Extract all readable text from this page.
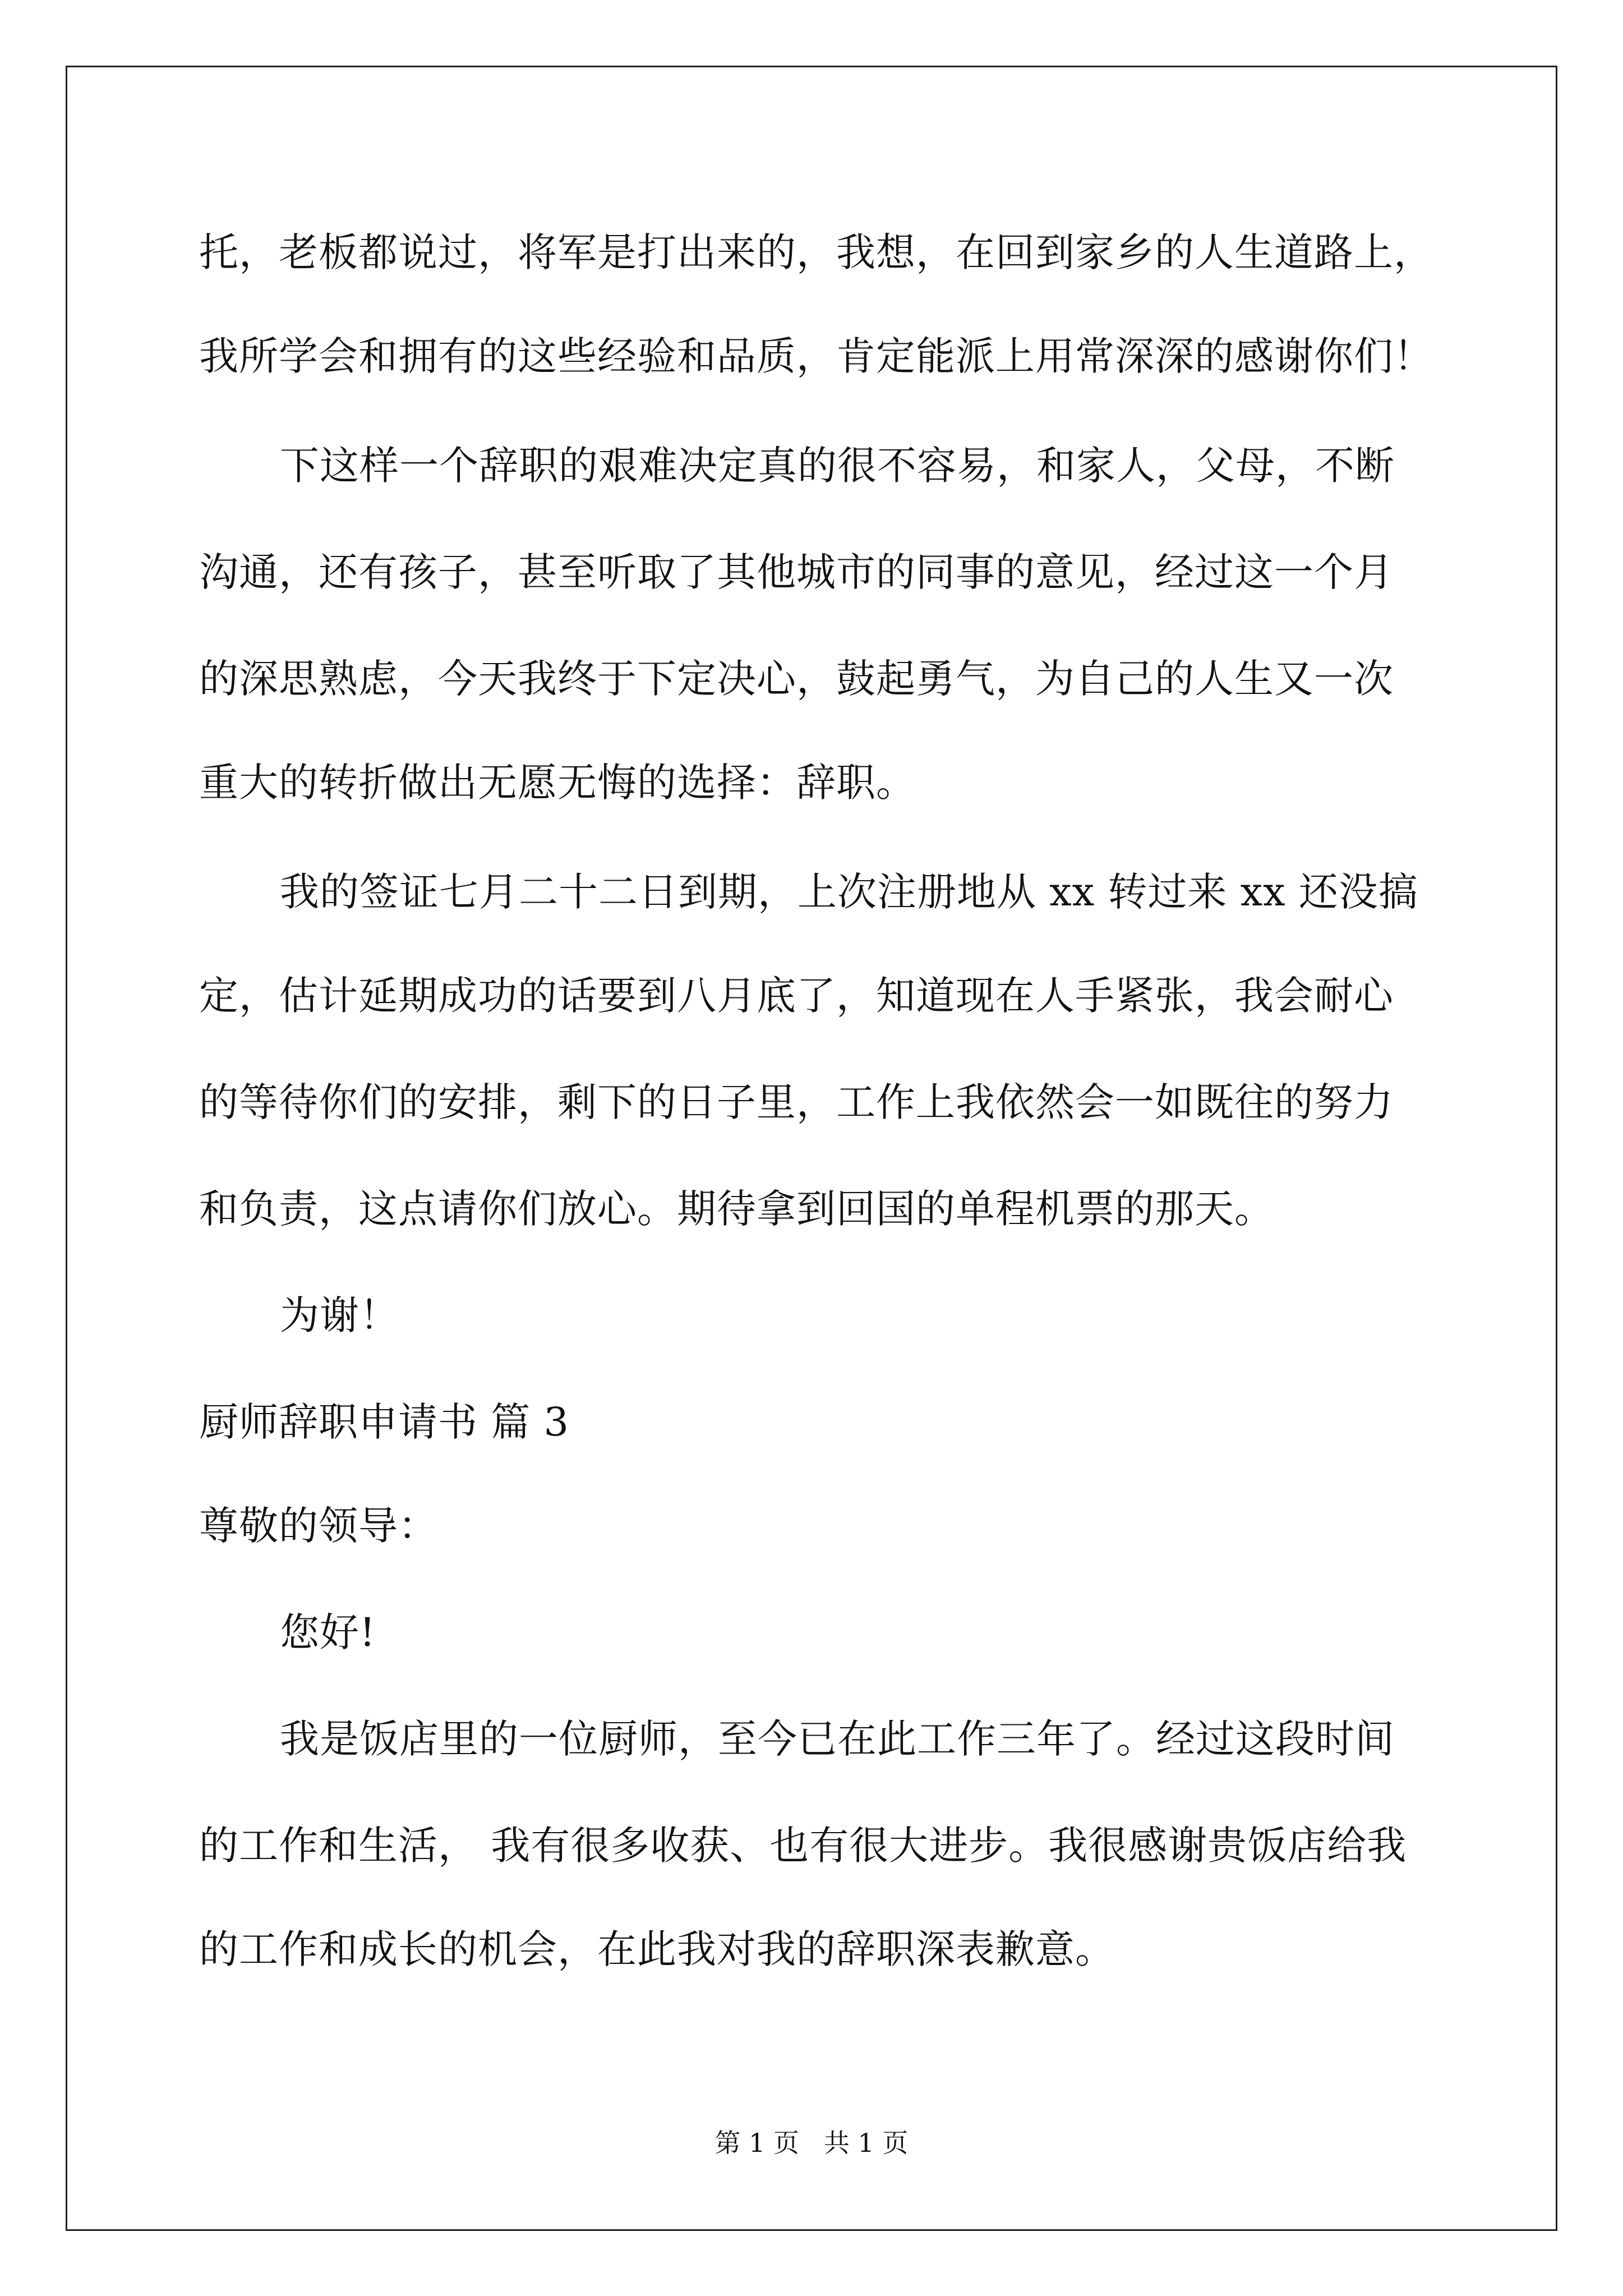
托，老板都说过，将军是打出来的，我想，在回到家乡的人生道路上，
我所学会和拥有的这些经验和品质，肯定能派上用常深深的感谢你们！
下这样一个辞职的艰难决定真的很不容易，和家人，父母，不断
沟通，还有孩子，甚至听取了其他城市的同事的意见，经过这一个月
的深思熟虑，今天我终于下定决心，鼓起勇气，为自己的人生又一次
重大的转折做出无愿无悔的选择：辞职。
我的签证七月二十二日到期，上次注册地从 xx 转过来 xx 还没搞
定，估计延期成功的话要到八月底了，知道现在人手紧张，我会耐心
的等待你们的安排，剩下的日子里，工作上我依然会一如既往的努力
和负责，这点请你们放心。期待拿到回国的单程机票的那天。
为谢！
厨师辞职申请书 篇 3
尊敬的领导：
您好!
我是饭店里的一位厨师，至今已在此工作三年了。经过这段时间
的工作和生活， 我有很多收获、也有很大进步。我很感谢贵饭店给我
的工作和成长的机会，在此我对我的辞职深表歉意。
第 1 页   共 1 页
